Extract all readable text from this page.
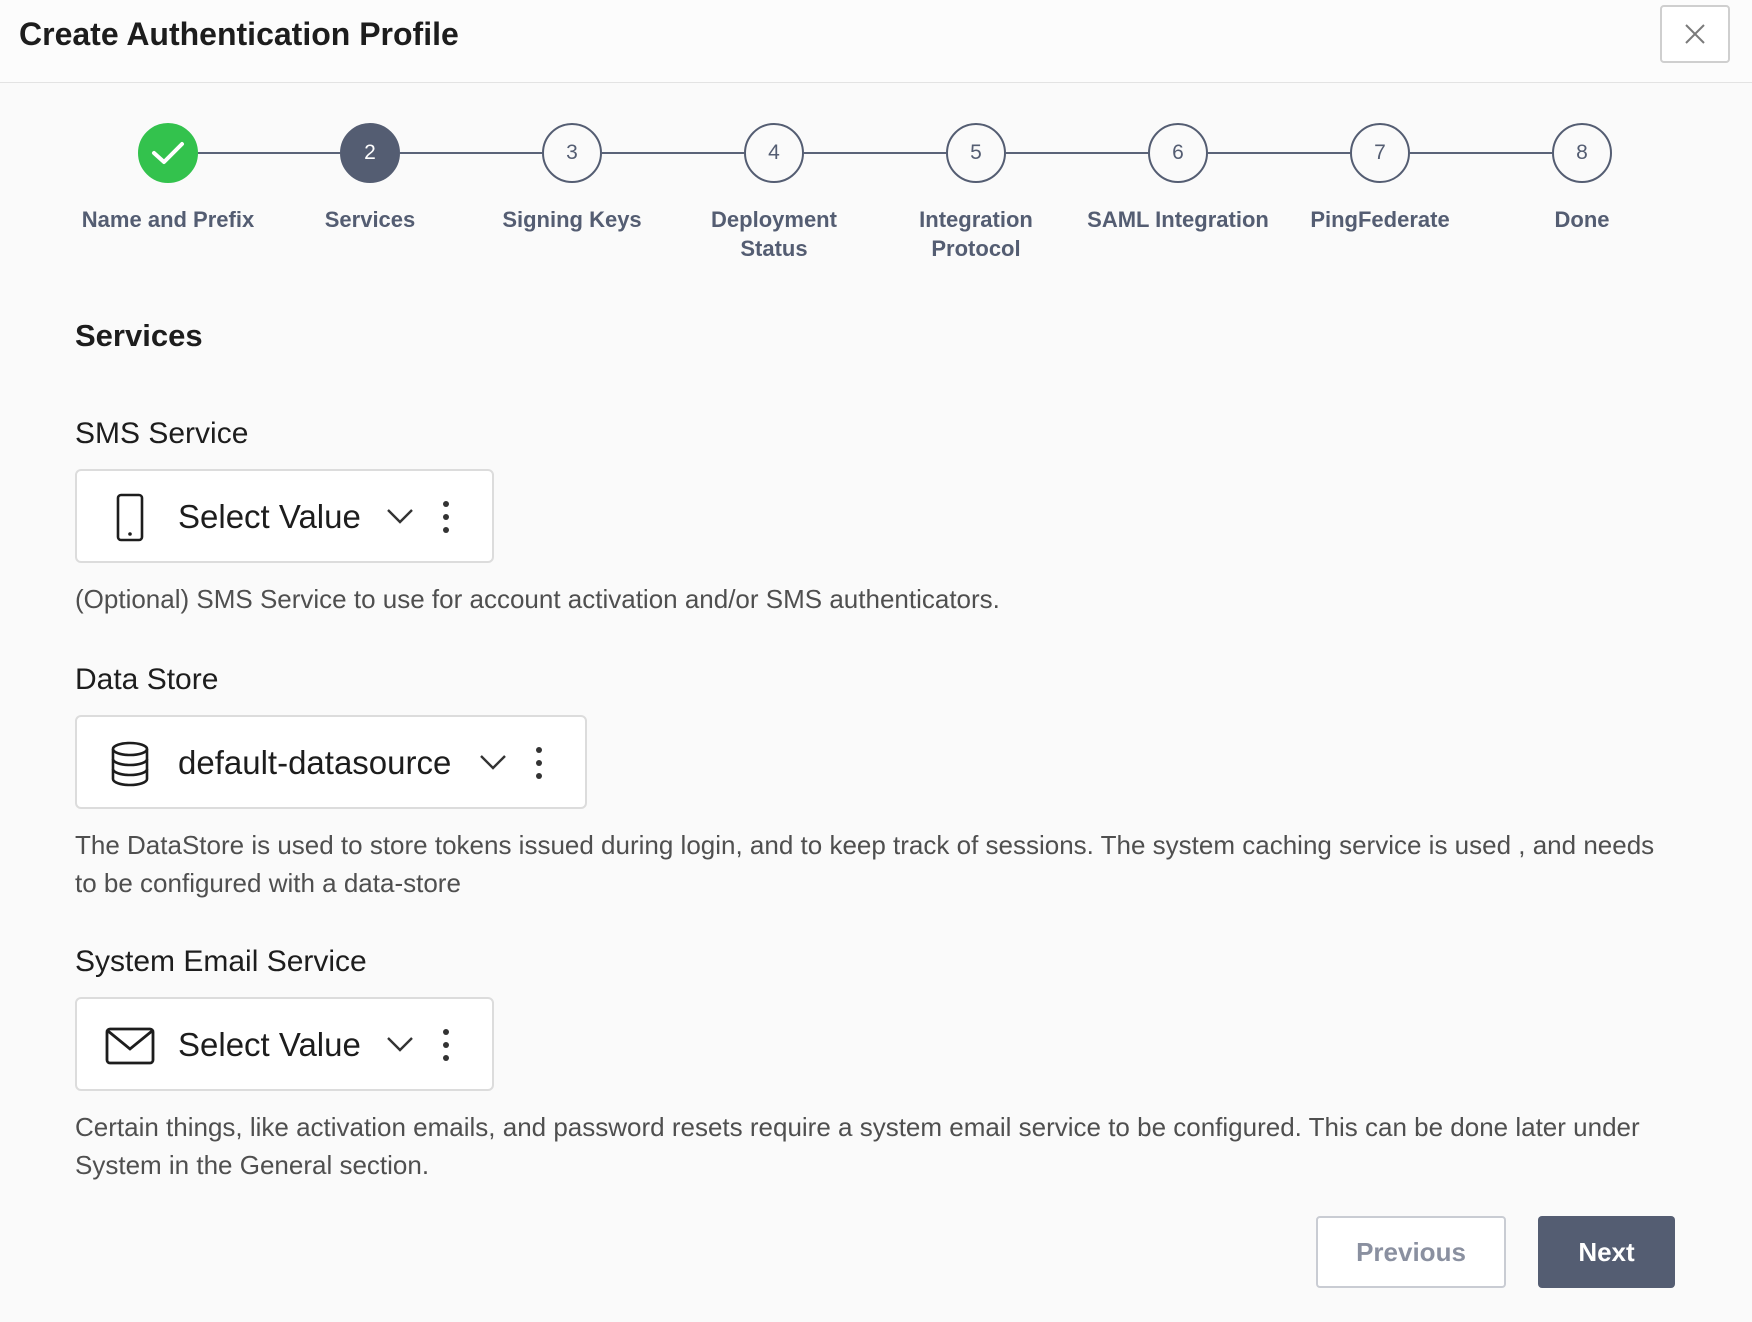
Create Authentication Profile
Name and Prefix
2
Services
3
Signing Keys
4
Deployment Status
5
Integration Protocol
6
SAML Integration
7
PingFederate
8
Done
Services
SMS Service
Select Value
(Optional) SMS Service to use for account activation and/or SMS authenticators.
Data Store
default-datasource
The DataStore is used to store tokens issued during login, and to keep track of sessions. The system caching service is used , and needs to be configured with a data-store
System Email Service
Select Value
Certain things, like activation emails, and password resets require a system email service to be configured. This can be done later under System in the General section.
Previous	Next
